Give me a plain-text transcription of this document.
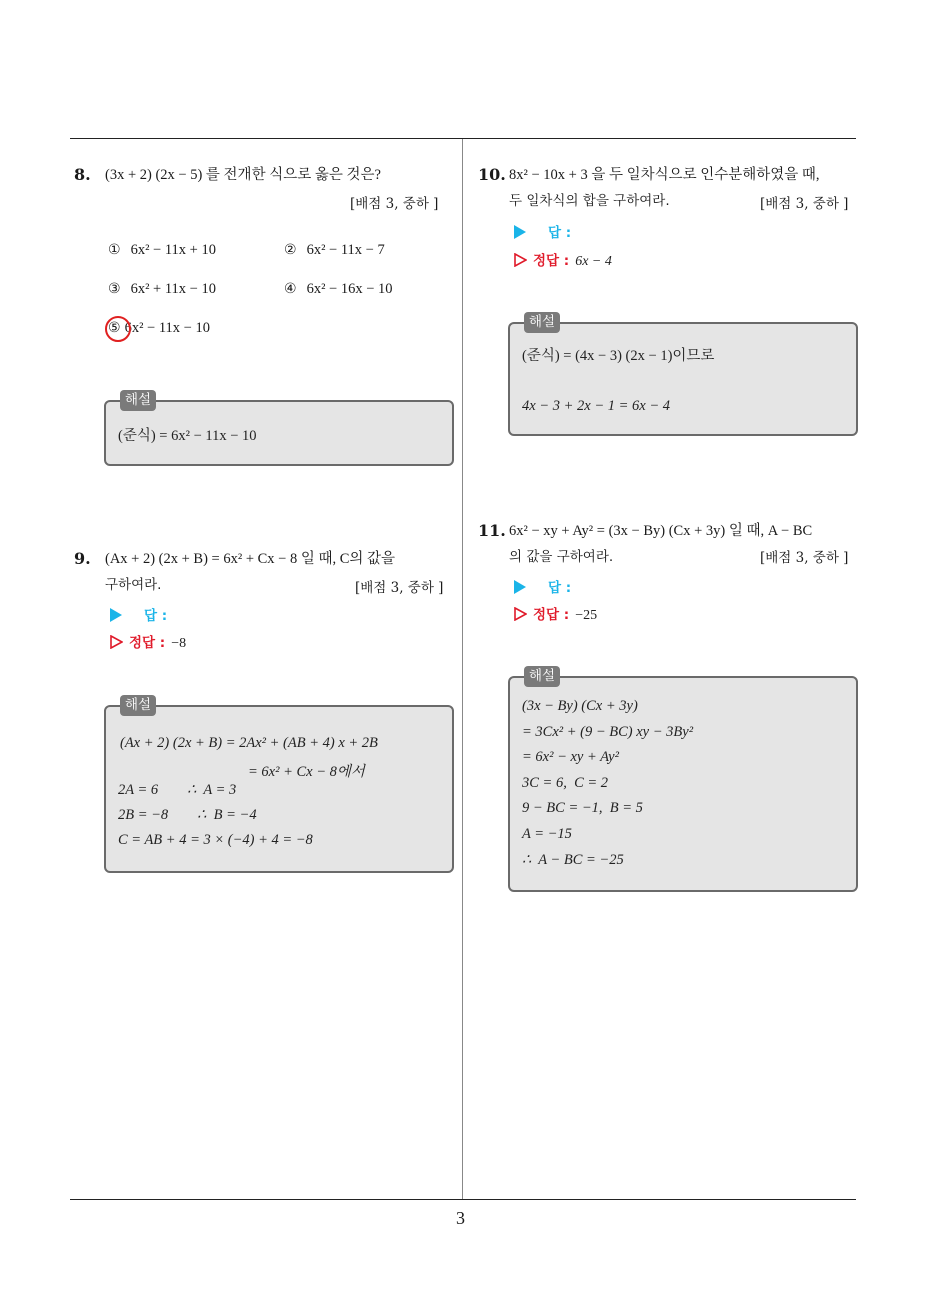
3
8. (3x + 2) (2x − 5) 를 전개한 식으로 옳은 것은?
[배점 3, 중하 ]
① 6x² − 11x + 10	② 6x² − 11x − 7
③ 6x² + 11x − 10	④ 6x² − 16x − 10
⑤ 6x² − 11x − 10
(준식) = 6x² − 11x − 10
해설
9. (Ax + 2) (2x + B) = 6x² + Cx − 8 일 때, C의 값을
구하여라.	[배점 3, 중하 ]
답 :
정답 : −8
(Ax + 2) (2x + B) = 2Ax² + (AB + 4) x + 2B
= 6x² + Cx − 8에서
2A = 6        ∴  A = 3
2B = −8        ∴  B = −4
C = AB + 4 = 3 × (−4) + 4 = −8
해설
10. 8x² − 10x + 3 을 두 일차식으로 인수분해하였을 때,
두 일차식의 합을 구하여라.	[배점 3, 중하 ]
답 :
정답 : 6x − 4
(준식) = (4x − 3) (2x − 1)이므로
4x − 3 + 2x − 1 = 6x − 4
해설
11. 6x² − xy + Ay² = (3x − By) (Cx + 3y) 일 때, A − BC
의 값을 구하여라.	[배점 3, 중하 ]
답 :
정답 : −25
(3x − By) (Cx + 3y)
= 3Cx² + (9 − BC) xy − 3By²
= 6x² − xy + Ay²
3C = 6,  C = 2
9 − BC = −1,  B = 5
A = −15
∴  A − BC = −25
해설
